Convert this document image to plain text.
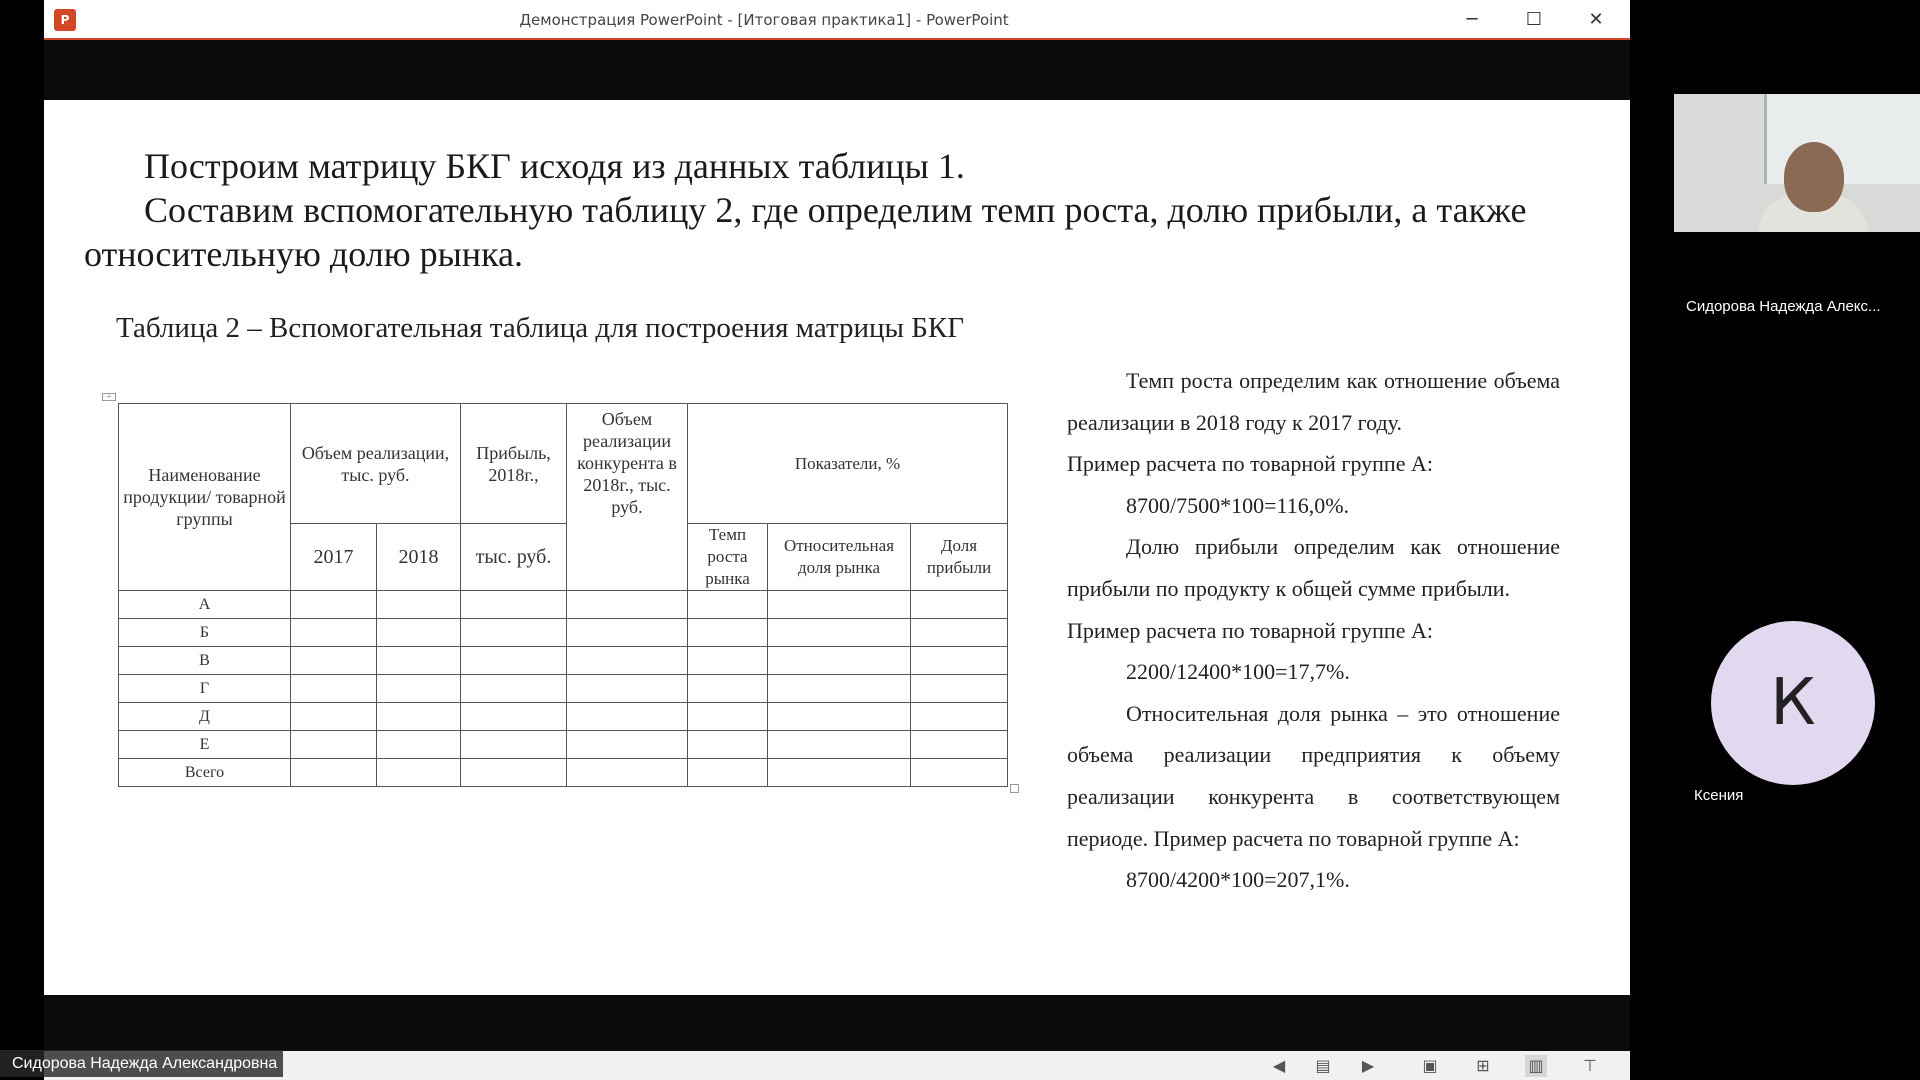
P	Демонстрация PowerPoint - [Итоговая практика1] - PowerPoint	─	☐	✕

Построим матрицу БКГ исходя из данных таблицы 1.

Составим вспомогательную таблицу 2, где определим темп роста, долю прибыли, а также относительную долю рынка.

Таблица 2 – Вспомогательная таблица для построения матрицы БКГ
+
Наименование продукции/ товарной группы	Объем реализации, тыс. руб.		Прибыль, 2018г.,	Объем реализации конкурента в 2018г., тыс. руб.	Показатели, %		
	2017	2018	тыс. руб.		Темп роста рынка	Относительная доля рынка	Доля прибыли
А							
Б							
В							
Г							
Д							
Е							
Всего							
Темп роста определим как отношение объема реализации в 2018 году к 2017 году.
Пример расчета по товарной группе А:
8700/7500*100=116,0%.
Долю прибыли определим как отношение прибыли по продукту к общей сумме прибыли.
Пример расчета по товарной группе А:
2200/12400*100=17,7%.
Относительная доля рынка – это отношение объема реализации предприятия к объему реализации конкурента в соответствующем периоде. Пример расчета по товарной группе А:
8700/4200*100=207,1%.
◀	▤	▶	▣ ⊞ ▥ ⊤
Сидорова Надежда Алекс...
К
Ксения
Сидорова Надежда Александровна
